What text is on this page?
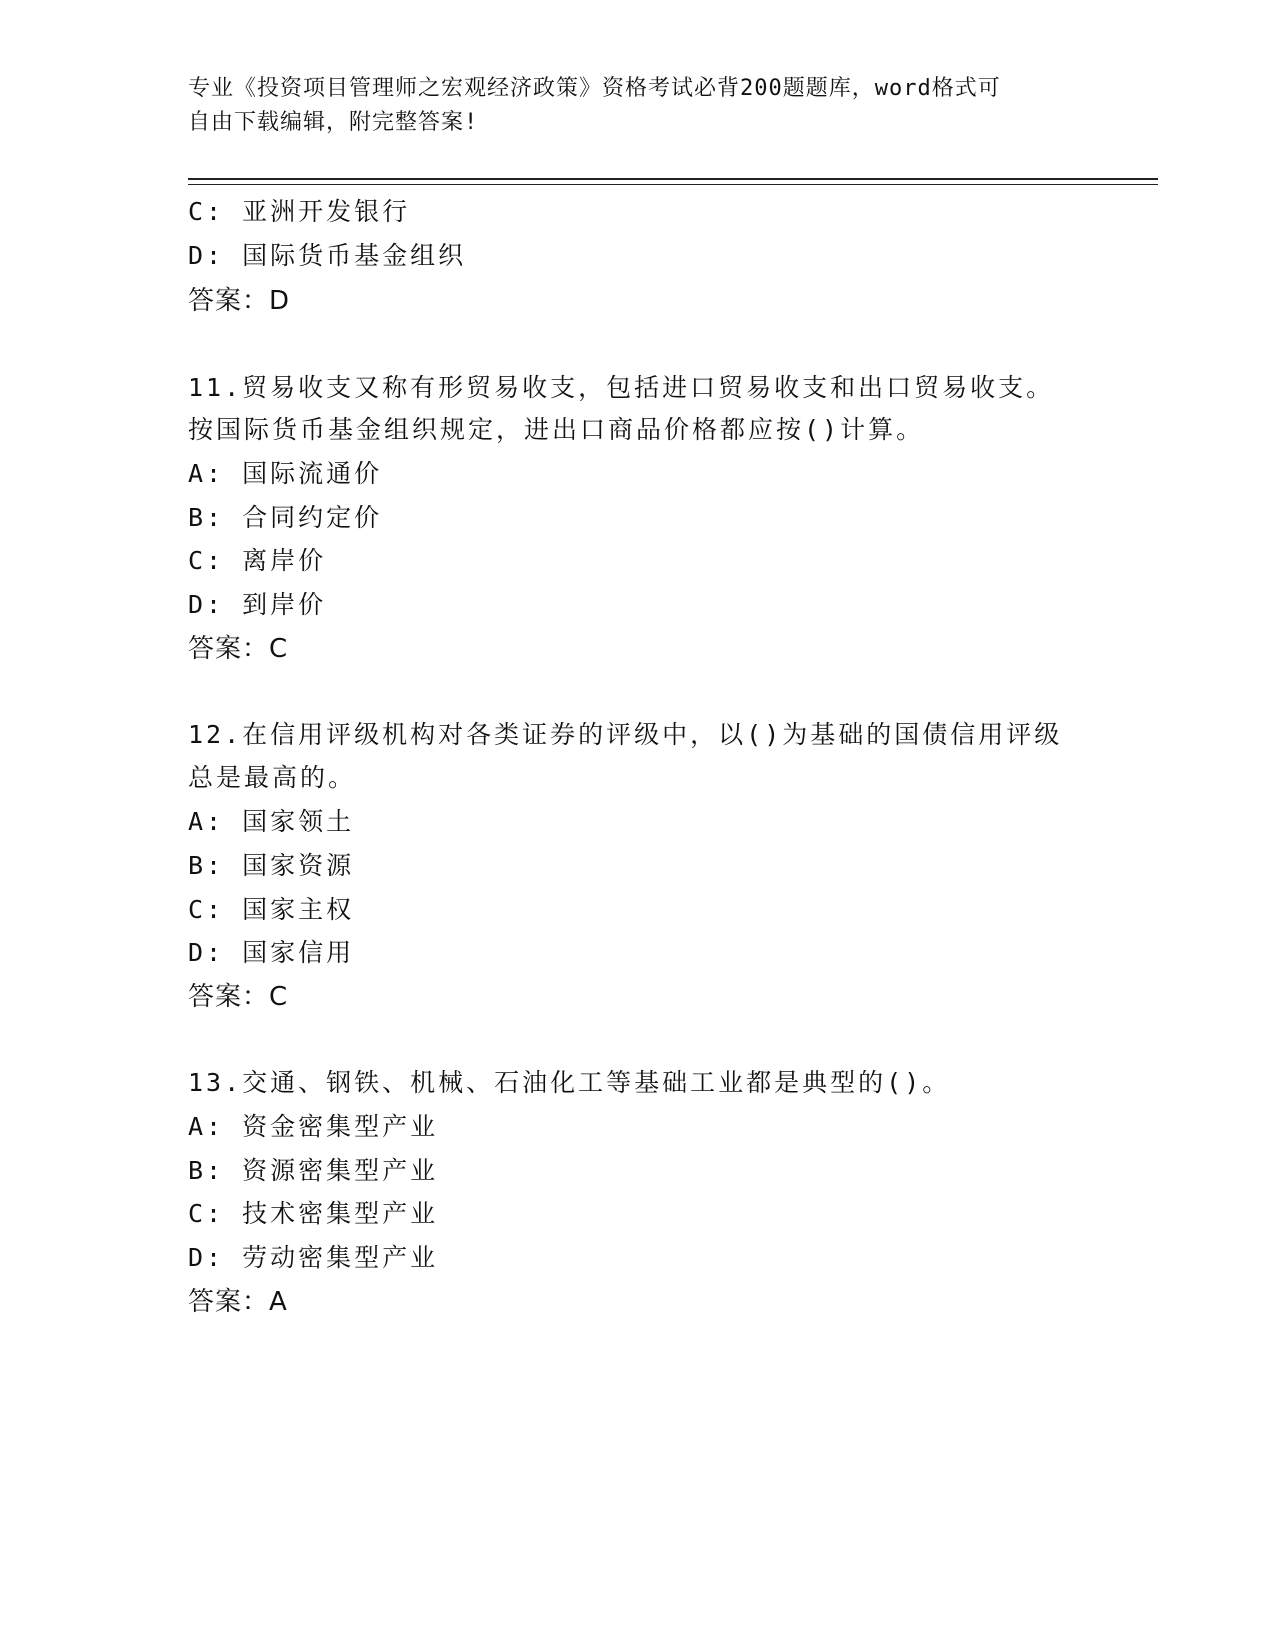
专业《投资项目管理师之宏观经济政策》资格考试必背200题题库，word格式可
自由下载编辑，附完整答案!
C: 亚洲开发银行
D: 国际货币基金组织
答案：D
11.贸易收支又称有形贸易收支，包括进口贸易收支和出口贸易收支。
按国际货币基金组织规定，进出口商品价格都应按()计算。
A: 国际流通价
B: 合同约定价
C: 离岸价
D: 到岸价
答案：C
12.在信用评级机构对各类证券的评级中，以()为基础的国债信用评级
总是最高的。
A: 国家领土
B: 国家资源
C: 国家主权
D: 国家信用
答案：C
13.交通、钢铁、机械、石油化工等基础工业都是典型的()。
A: 资金密集型产业
B: 资源密集型产业
C: 技术密集型产业
D: 劳动密集型产业
答案：A
